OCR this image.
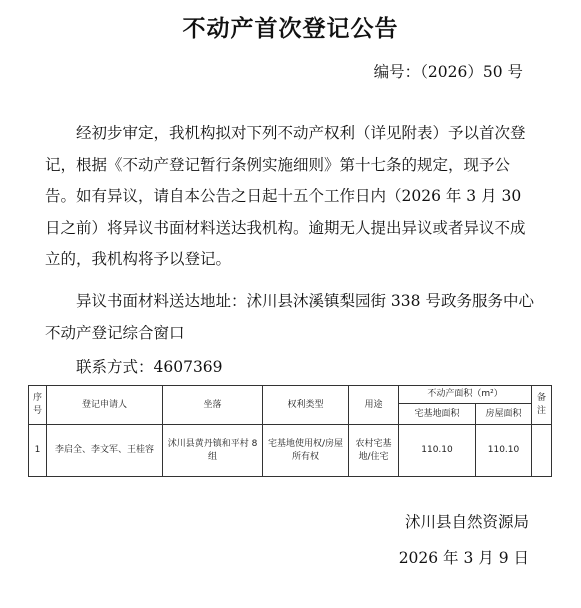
不动产首次登记公告
编号：（2026）50 号

经初步审定，我机构拟对下列不动产权利（详见附表）予以首次登记，根据《不动产登记暂行条例实施细则》第十七条的规定，现予公告。如有异议，请自本公告之日起十五个工作日内（2026 年 3 月 30 日之前）将异议书面材料送达我机构。逾期无人提出异议或者异议不成立的，我机构将予以登记。

异议书面材料送达地址：沭川县沐溪镇梨园街 338 号政务服务中心不动产登记综合窗口

联系方式：4607369

序号	登记申请人	坐落	权利类型	用途	不动产面积（m²）		备注
					宅基地面积	房屋面积	
1	李启全、李文军、王桂容	沭川县黄丹镇和平村 8 组	宅基地使用权/房屋所有权	农村宅基地/住宅	110.10	110.10	
沭川县自然资源局
2026 年 3 月 9 日
